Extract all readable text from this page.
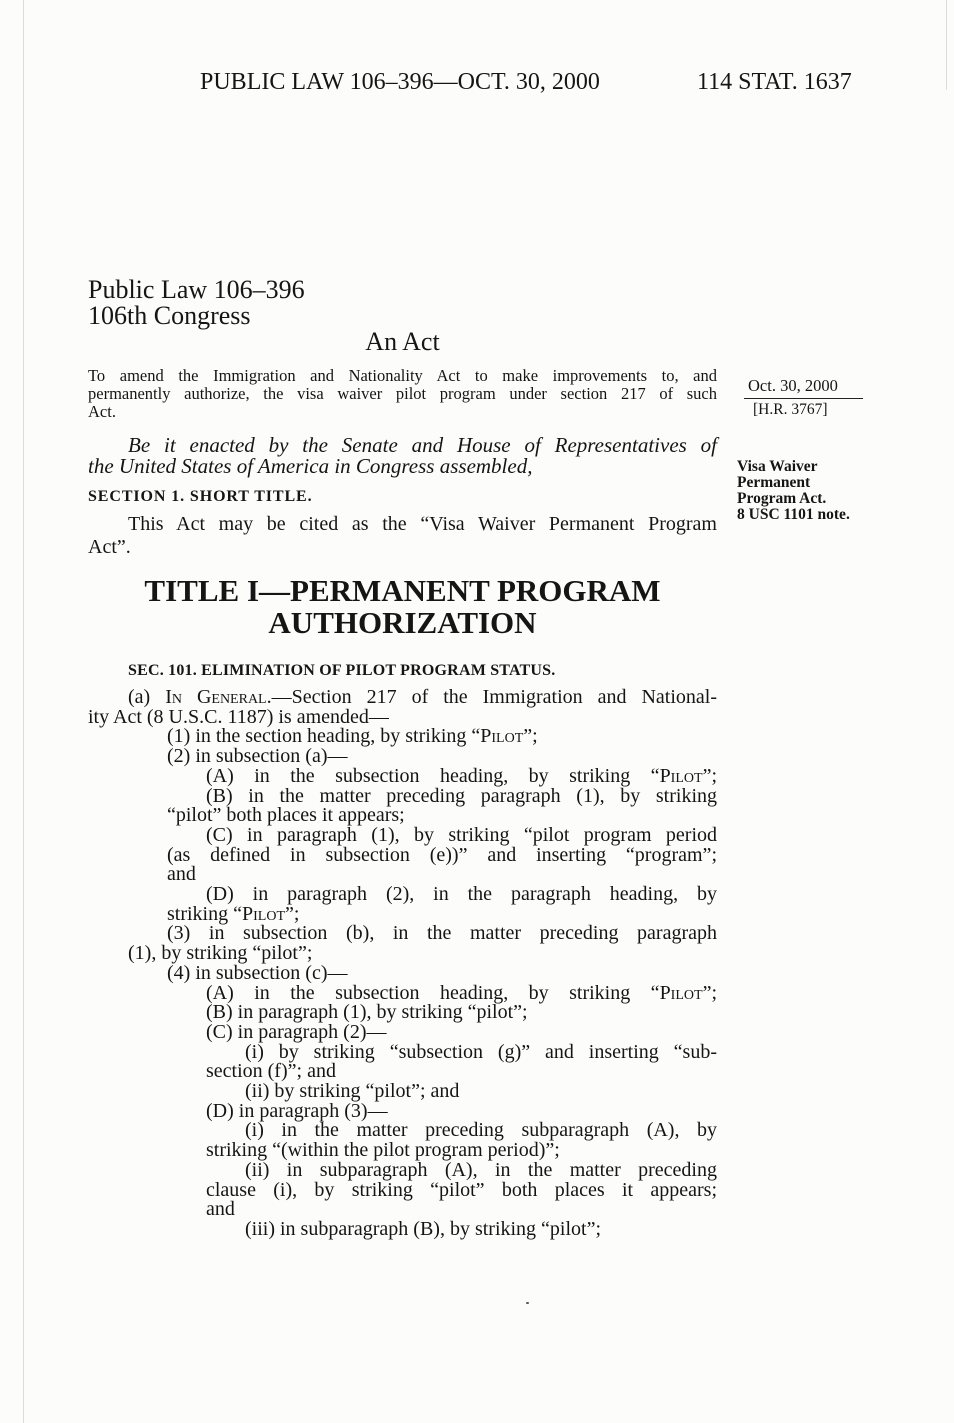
PUBLIC LAW 106–396—OCT. 30, 2000	114 STAT. 1637
Public Law 106–396
106th Congress
An Act
To amend the Immigration and Nationality Act to make improvements to, and
permanently authorize, the visa waiver pilot program under section 217 of such
Act.
Oct. 30, 2000
[H.R. 3767]
Visa Waiver
Permanent
Program Act.
8 USC 1101 note.
Be it enacted by the Senate and House of Representatives of
the United States of America in Congress assembled,
SECTION 1. SHORT TITLE.
This Act may be cited as the “Visa Waiver Permanent Program
Act”.
TITLE I—PERMANENT PROGRAM
AUTHORIZATION
SEC. 101. ELIMINATION OF PILOT PROGRAM STATUS.
(a) In General.—Section 217 of the Immigration and National-
ity Act (8 U.S.C. 1187) is amended—
(1) in the section heading, by striking “Pilot”;
(2) in subsection (a)—
(A) in the subsection heading, by striking “Pilot”;
(B) in the matter preceding paragraph (1), by striking
“pilot” both places it appears;
(C) in paragraph (1), by striking “pilot program period
(as defined in subsection (e))” and inserting “program”;
and
(D) in paragraph (2), in the paragraph heading, by
striking “Pilot”;
(3) in subsection (b), in the matter preceding paragraph
(1), by striking “pilot”;
(4) in subsection (c)—
(A) in the subsection heading, by striking “Pilot”;
(B) in paragraph (1), by striking “pilot”;
(C) in paragraph (2)—
(i) by striking “subsection (g)” and inserting “sub-
section (f)”; and
(ii) by striking “pilot”; and
(D) in paragraph (3)—
(i) in the matter preceding subparagraph (A), by
striking “(within the pilot program period)”;
(ii) in subparagraph (A), in the matter preceding
clause (i), by striking “pilot” both places it appears;
and
(iii) in subparagraph (B), by striking “pilot”;
